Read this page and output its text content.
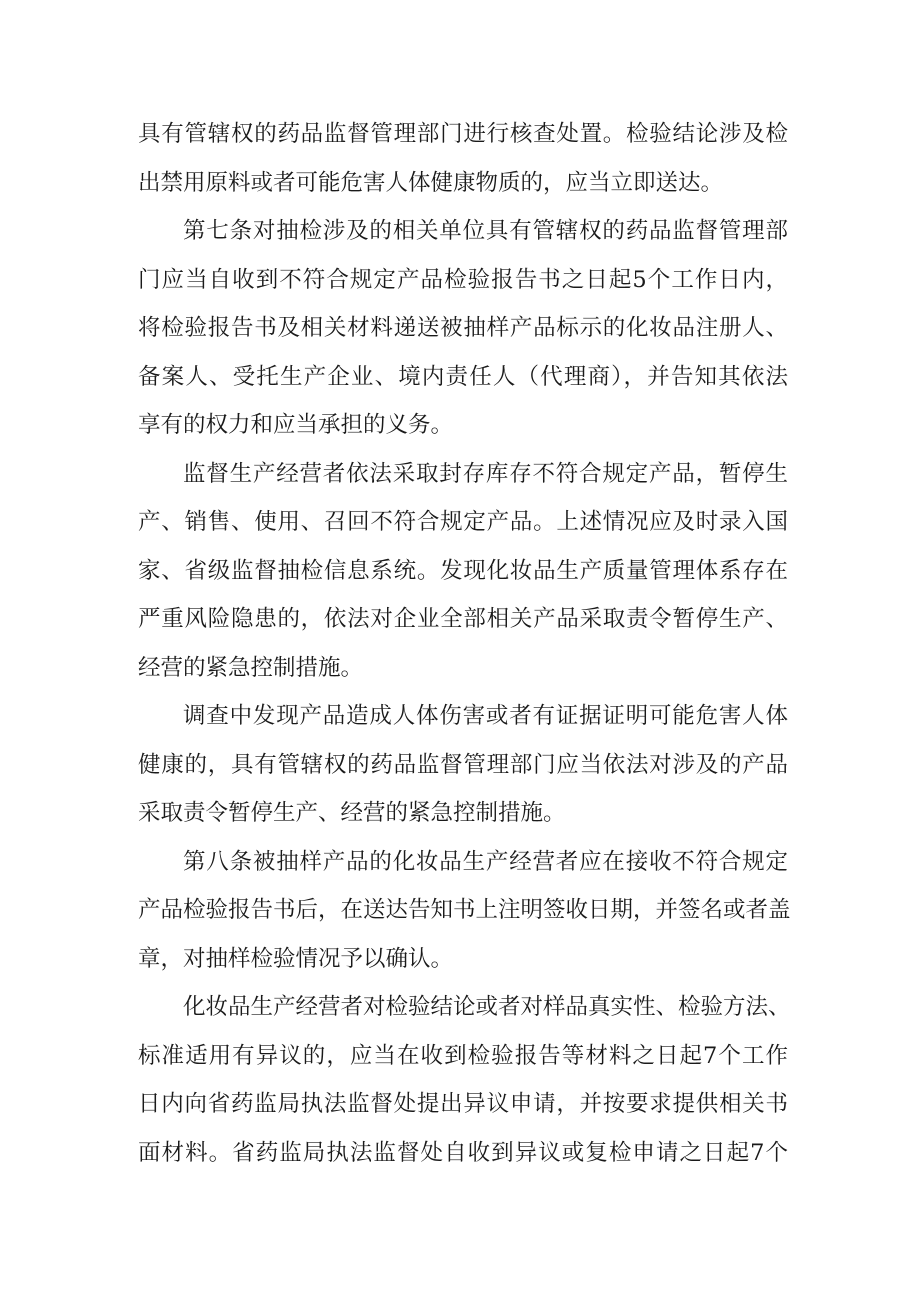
具有管辖权的药品监督管理部门进行核查处置。检验结论涉及检
出禁用原料或者可能危害人体健康物质的，应当立即送达。
第七条对抽检涉及的相关单位具有管辖权的药品监督管理部
门应当自收到不符合规定产品检验报告书之日起5个工作日内，
将检验报告书及相关材料递送被抽样产品标示的化妆品注册人、
备案人、受托生产企业、境内责任人（代理商），并告知其依法
享有的权力和应当承担的义务。
监督生产经营者依法采取封存库存不符合规定产品，暂停生
产、销售、使用、召回不符合规定产品。上述情况应及时录入国
家、省级监督抽检信息系统。发现化妆品生产质量管理体系存在
严重风险隐患的，依法对企业全部相关产品采取责令暂停生产、
经营的紧急控制措施。
调查中发现产品造成人体伤害或者有证据证明可能危害人体
健康的，具有管辖权的药品监督管理部门应当依法对涉及的产品
采取责令暂停生产、经营的紧急控制措施。
第八条被抽样产品的化妆品生产经营者应在接收不符合规定
产品检验报告书后，在送达告知书上注明签收日期，并签名或者盖
章，对抽样检验情况予以确认。
化妆品生产经营者对检验结论或者对样品真实性、检验方法、
标准适用有异议的，应当在收到检验报告等材料之日起7个工作
日内向省药监局执法监督处提出异议申请，并按要求提供相关书
面材料。省药监局执法监督处自收到异议或复检申请之日起7个
